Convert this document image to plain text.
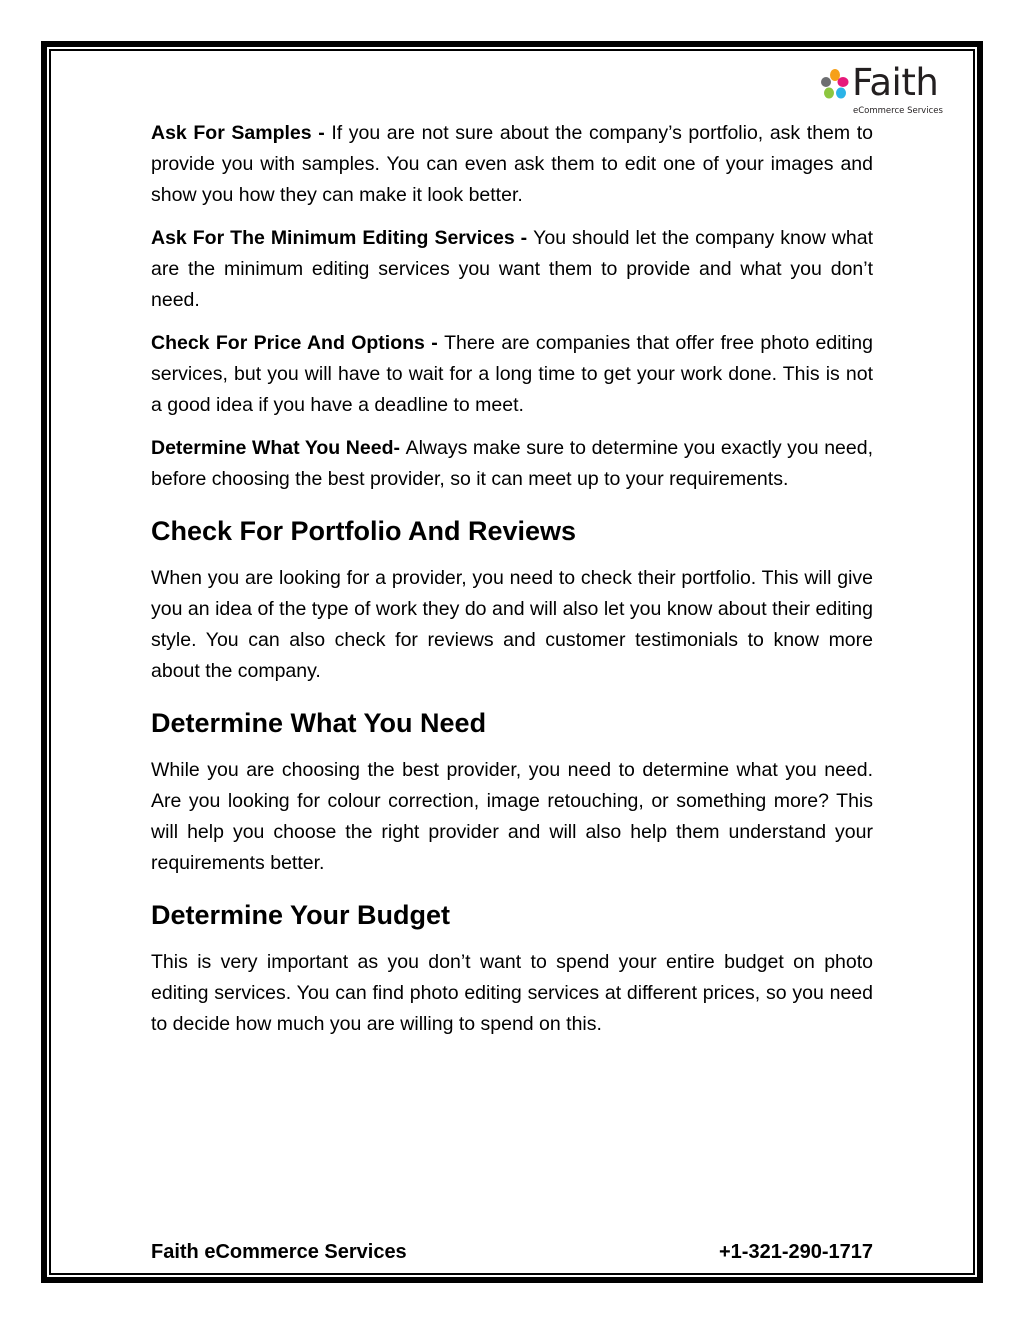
Faith
eCommerce Services

Ask For Samples - If you are not sure about the company’s portfolio, ask them to provide you with samples. You can even ask them to edit one of your images and show you how they can make it look better.

Ask For The Minimum Editing Services - You should let the company know what are the minimum editing services you want them to provide and what you don’t need.

Check For Price And Options - There are companies that offer free photo editing services, but you will have to wait for a long time to get your work done. This is not a good idea if you have a deadline to meet.

Determine What You Need- Always make sure to determine you exactly you need, before choosing the best provider, so it can meet up to your requirements.

Check For Portfolio And Reviews

When you are looking for a provider, you need to check their portfolio. This will give you an idea of the type of work they do and will also let you know about their editing style. You can also check for reviews and customer testimonials to know more about the company.

Determine What You Need

While you are choosing the best provider, you need to determine what you need. Are you looking for colour correction, image retouching, or something more? This will help you choose the right provider and will also help them understand your requirements better.

Determine Your Budget

This is very important as you don’t want to spend your entire budget on photo editing services. You can find photo editing services at different prices, so you need to decide how much you are willing to spend on this.

Faith eCommerce Services	+1-321-290-1717
